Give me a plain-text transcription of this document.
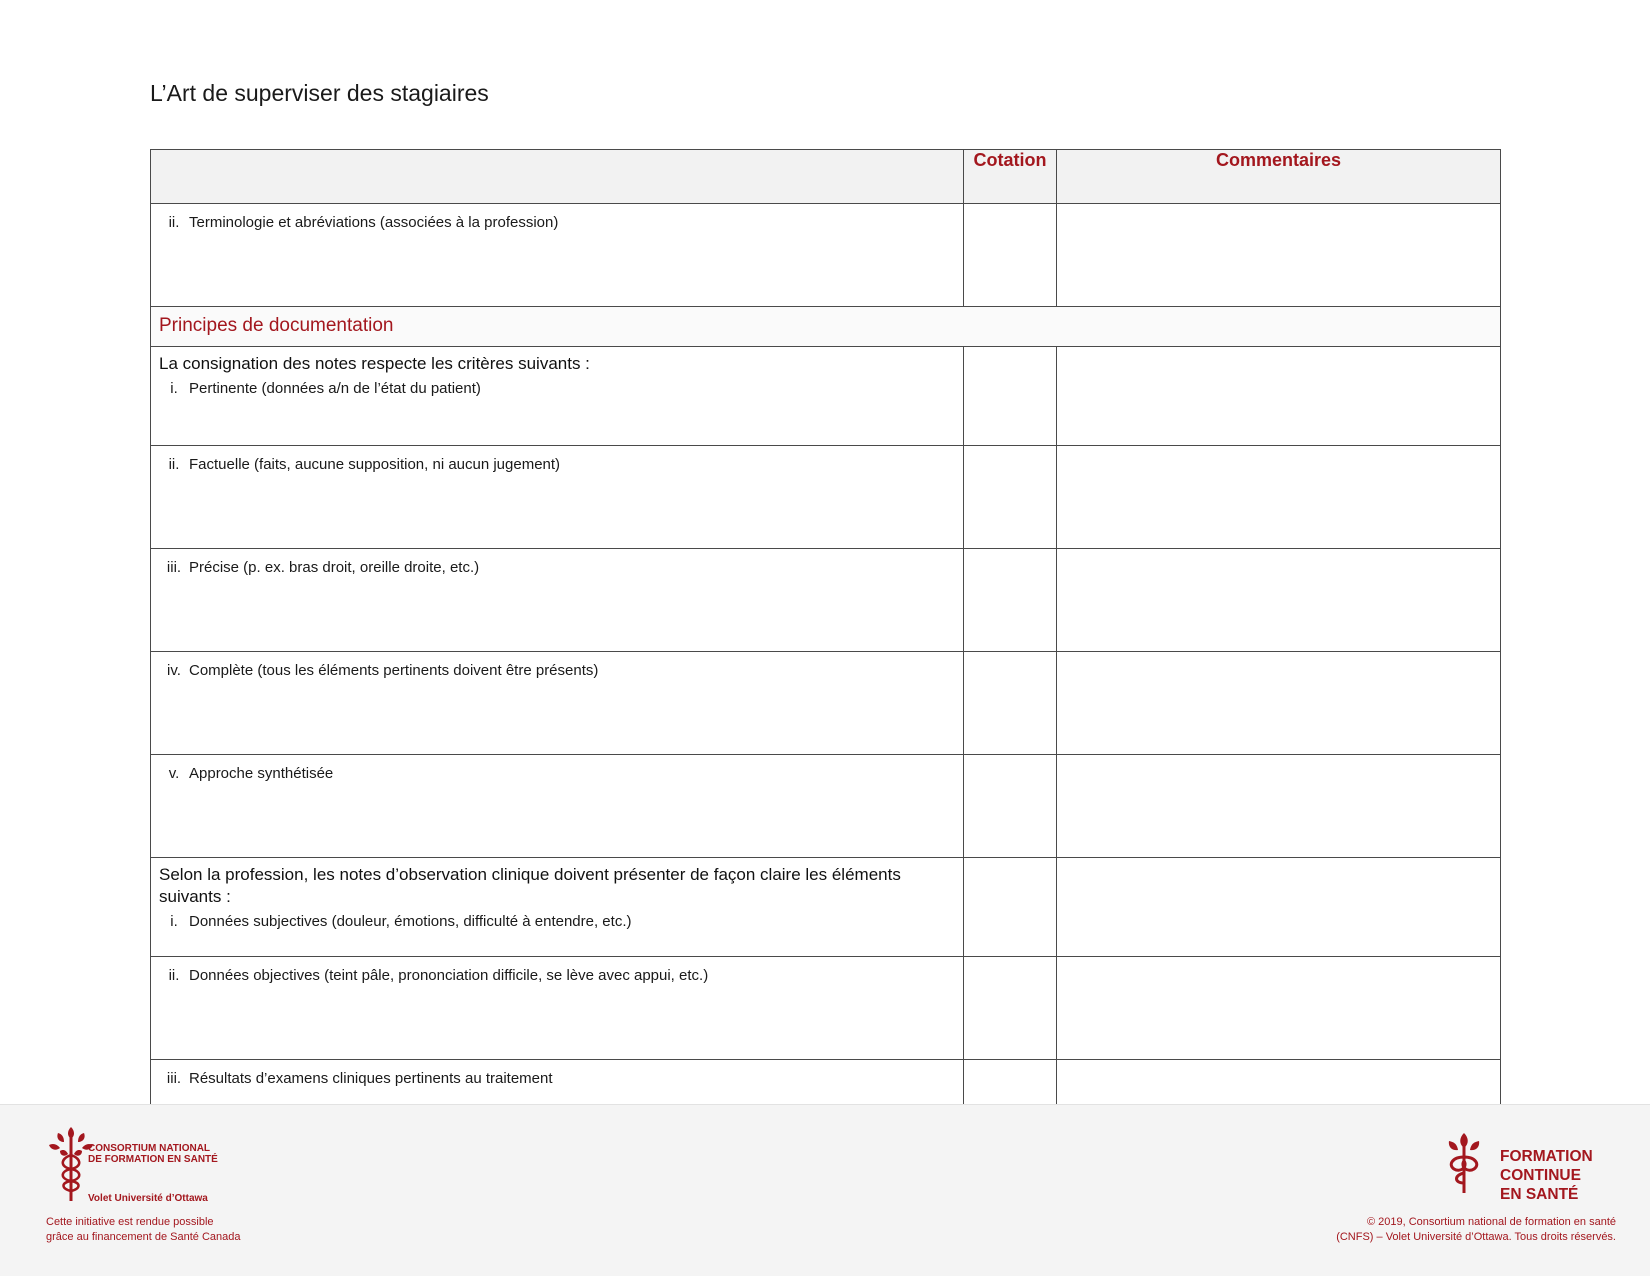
L’Art de superviser des stagiaires
	Cotation	Commentaires

ii. Terminologie et abréviations (associées à la profession)		

Principes de documentation		

La consignation des notes respecte les critères suivants :
i. Pertinente (données a/n de l’état du patient)		

ii. Factuelle (faits, aucune supposition, ni aucun jugement)		

iii. Précise (p. ex. bras droit, oreille droite, etc.)		

iv. Complète (tous les éléments pertinents doivent être présents)		

v. Approche synthétisée		

Selon la profession, les notes d’observation clinique doivent présenter de façon claire les éléments suivants :
i. Données subjectives (douleur, émotions, difficulté à entendre, etc.)		

ii. Données objectives (teint pâle, prononciation difficile, se lève avec appui, etc.)		

iii. Résultats d’examens cliniques pertinents au traitement		

CONSORTIUM NATIONAL
DE FORMATION EN SANTÉ
Volet Université d’Ottawa
Cette initiative est rendue possible
grâce au financement de Santé Canada
FORMATION
CONTINUE
EN SANTÉ
© 2019, Consortium national de formation en santé
(CNFS) – Volet Université d’Ottawa. Tous droits réservés.
